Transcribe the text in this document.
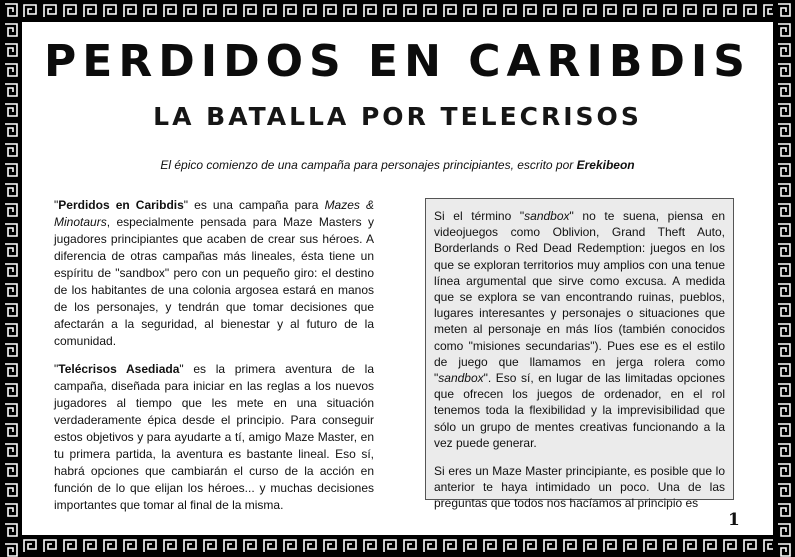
PERDIDOS EN CARIBDIS
LA BATALLA POR TELECRISOS
El épico comienzo de una campaña para personajes principiantes, escrito por Erekibeon

"Perdidos en Caribdis" es una campaña para Mazes & Minotaurs, especialmente pensada para Maze Masters y jugadores principiantes que acaben de crear sus héroes. A diferencia de otras campañas más lineales, ésta tiene un espíritu de "sandbox" pero con un pequeño giro: el destino de los habitantes de una colonia argosea estará en manos de los personajes, y tendrán que tomar decisiones que afectarán a la seguridad, al bienestar y al futuro de la comunidad.

"Telécrisos Asediada" es la primera aventura de la campaña, diseñada para iniciar en las reglas a los nuevos jugadores al tiempo que les mete en una situación verdaderamente épica desde el principio. Para conseguir estos objetivos y para ayudarte a tí, amigo Maze Master, en tu primera partida, la aventura es bastante lineal. Eso sí, habrá opciones que cambiarán el curso de la acción en función de lo que elijan los héroes... y muchas decisiones importantes que tomar al final de la misma.

Si el término "sandbox" no te suena, piensa en videojuegos como Oblivion, Grand Theft Auto, Borderlands o Red Dead Redemption: juegos en los que se exploran territorios muy amplios con una tenue línea argumental que sirve como excusa. A medida que se explora se van encontrando ruinas, pueblos, lugares interesantes y personajes o situaciones que meten al personaje en más líos (también conocidos como "misiones secundarias"). Pues ese es el estilo de juego que llamamos en jerga rolera como "sandbox". Eso sí, en lugar de las limitadas opciones que ofrecen los juegos de ordenador, en el rol tenemos toda la flexibilidad y la imprevisibilidad que sólo un grupo de mentes creativas funcionando a la vez puede generar.

Si eres un Maze Master principiante, es posible que lo anterior te haya intimidado un poco. Una de las preguntas que todos nos hacíamos al principio es

1
